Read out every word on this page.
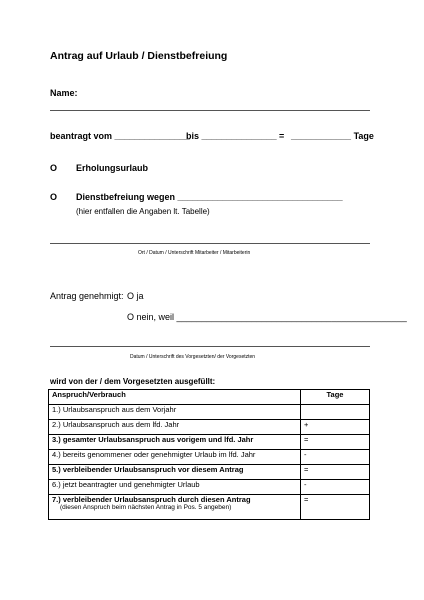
Antrag auf Urlaub / Dienstbefreiung
Name:
beantragt vom _______________
bis _______________ = ____________ Tage
O Erholungsurlaub
O Dienstbefreiung wegen _________________________________
(hier entfallen die Angaben lt. Tabelle)
Ort / Datum / Unterschrift Mitarbeiter / Mitarbeiterin
Antrag genehmigt: O ja
O nein, weil ______________________________________________
Datum / Unterschrift des Vorgesetzten/ der Vorgesetzten
wird von der / dem Vorgesetzten ausgefüllt:
Anspruch/Verbrauch	Tage
1.) Urlaubsanspruch aus dem Vorjahr	
2.) Urlaubsanspruch aus dem lfd. Jahr	+
3.) gesamter Urlaubsanspruch aus vorigem und lfd. Jahr	=
4.) bereits genommener oder genehmigter Urlaub im lfd. Jahr	-
5.) verbleibender Urlaubsanspruch vor diesem Antrag	=
6.) jetzt beantragter und genehmigter Urlaub	-
7.) verbleibender Urlaubsanspruch durch diesen Antrag
(diesen Anspruch beim nächsten Antrag in Pos. 5 angeben)	=
